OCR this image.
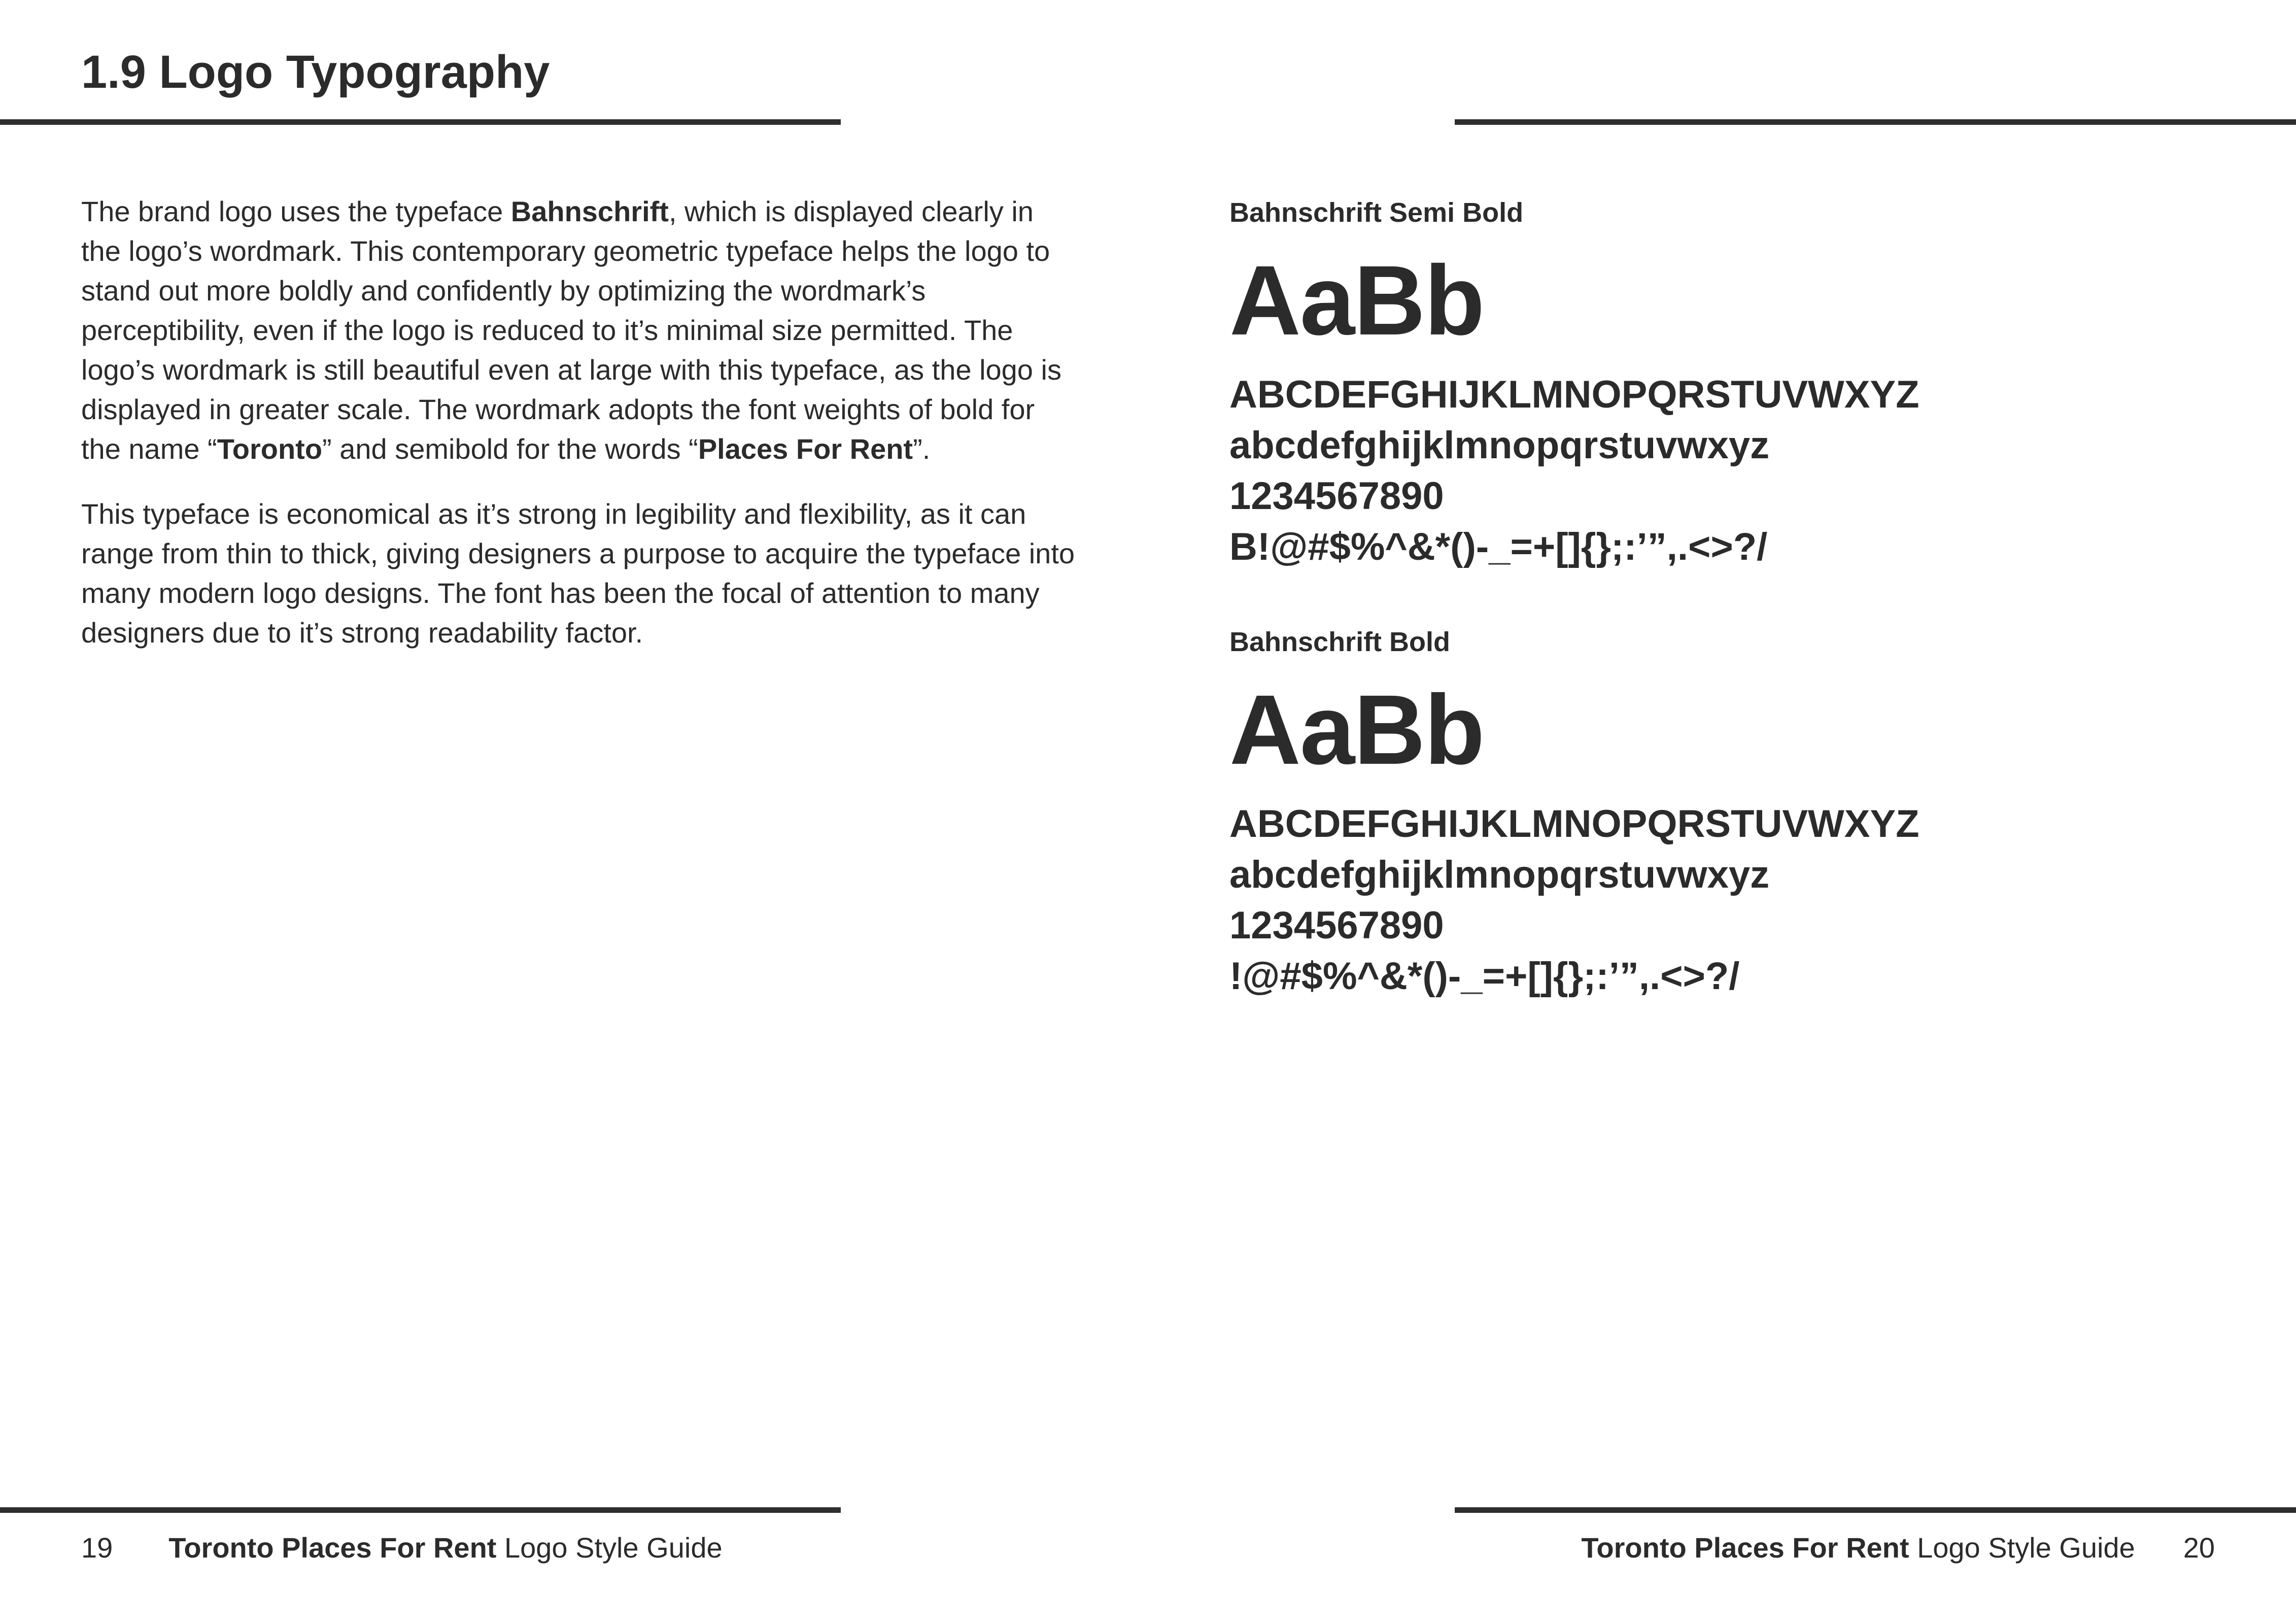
1.9 Logo Typography

The brand logo uses the typeface Bahnschrift, which is displayed clearly in the logo’s wordmark. This contemporary geometric typeface helps the logo to stand out more boldly and confidently by optimizing the wordmark’s perceptibility, even if the logo is reduced to it’s minimal size permitted. The logo’s wordmark is still beautiful even at large with this typeface, as the logo is displayed in greater scale. The wordmark adopts the font weights of bold for the name “Toronto” and semibold for the words “Places For Rent”.

This typeface is economical as it’s strong in legibility and flexibility, as it can range from thin to thick, giving designers a purpose to acquire the typeface into many modern logo designs. The font has been the focal of attention to many designers due to it’s strong readability factor.

Bahnschrift Semi Bold
AaBb
ABCDEFGHIJKLMNOPQRSTUVWXYZ
abcdefghijklmnopqrstuvwxyz
1234567890
B!@#$%^&*()-_=+[]{};:’”,.<>?/
Bahnschrift Bold
AaBb
ABCDEFGHIJKLMNOPQRSTUVWXYZ
abcdefghijklmnopqrstuvwxyz
1234567890
!@#$%^&*()-_=+[]{};:’”,.<>?/
19 Toronto Places For Rent Logo Style Guide	Toronto Places For Rent Logo Style Guide 20
